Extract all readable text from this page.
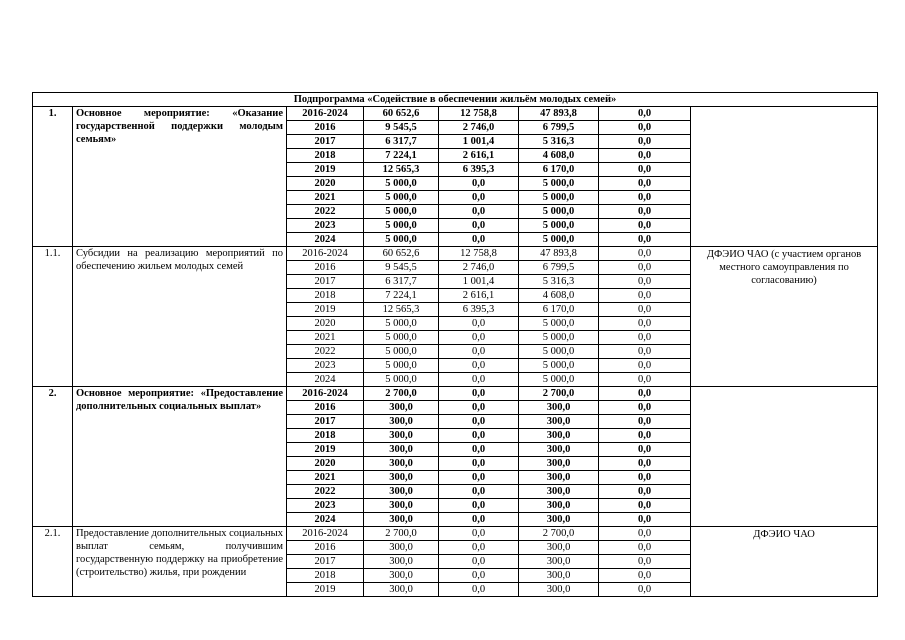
Подпрограмма «Содействие в обеспечении жильём молодых семей»							
1.	Основное мероприятие: «Оказание государственной поддержки молодым семьям»	2016-2024	60 652,6	12 758,8	47 893,8	0,0	
		2016	9 545,5	2 746,0	6 799,5	0,0	
		2017	6 317,7	1 001,4	5 316,3	0,0	
		2018	7 224,1	2 616,1	4 608,0	0,0	
		2019	12 565,3	6 395,3	6 170,0	0,0	
		2020	5 000,0	0,0	5 000,0	0,0	
		2021	5 000,0	0,0	5 000,0	0,0	
		2022	5 000,0	0,0	5 000,0	0,0	
		2023	5 000,0	0,0	5 000,0	0,0	
		2024	5 000,0	0,0	5 000,0	0,0	
1.1.	Субсидии на реализацию мероприятий по обеспечению жильем молодых семей	2016-2024	60 652,6	12 758,8	47 893,8	0,0	ДФЭИО ЧАО (с участием органов местного самоуправления по согласованию)
		2016	9 545,5	2 746,0	6 799,5	0,0	
		2017	6 317,7	1 001,4	5 316,3	0,0	
		2018	7 224,1	2 616,1	4 608,0	0,0	
		2019	12 565,3	6 395,3	6 170,0	0,0	
		2020	5 000,0	0,0	5 000,0	0,0	
		2021	5 000,0	0,0	5 000,0	0,0	
		2022	5 000,0	0,0	5 000,0	0,0	
		2023	5 000,0	0,0	5 000,0	0,0	
		2024	5 000,0	0,0	5 000,0	0,0	
2.	Основное мероприятие: «Предоставление дополнительных социальных выплат»	2016-2024	2 700,0	0,0	2 700,0	0,0	
		2016	300,0	0,0	300,0	0,0	
		2017	300,0	0,0	300,0	0,0	
		2018	300,0	0,0	300,0	0,0	
		2019	300,0	0,0	300,0	0,0	
		2020	300,0	0,0	300,0	0,0	
		2021	300,0	0,0	300,0	0,0	
		2022	300,0	0,0	300,0	0,0	
		2023	300,0	0,0	300,0	0,0	
		2024	300,0	0,0	300,0	0,0	
2.1.	Предоставление дополнительных социальных выплат семьям, получившим государственную поддержку на приобретение (строительство) жилья, при рождении	2016-2024	2 700,0	0,0	2 700,0	0,0	ДФЭИО ЧАО
		2016	300,0	0,0	300,0	0,0	
		2017	300,0	0,0	300,0	0,0	
		2018	300,0	0,0	300,0	0,0	
		2019	300,0	0,0	300,0	0,0	
